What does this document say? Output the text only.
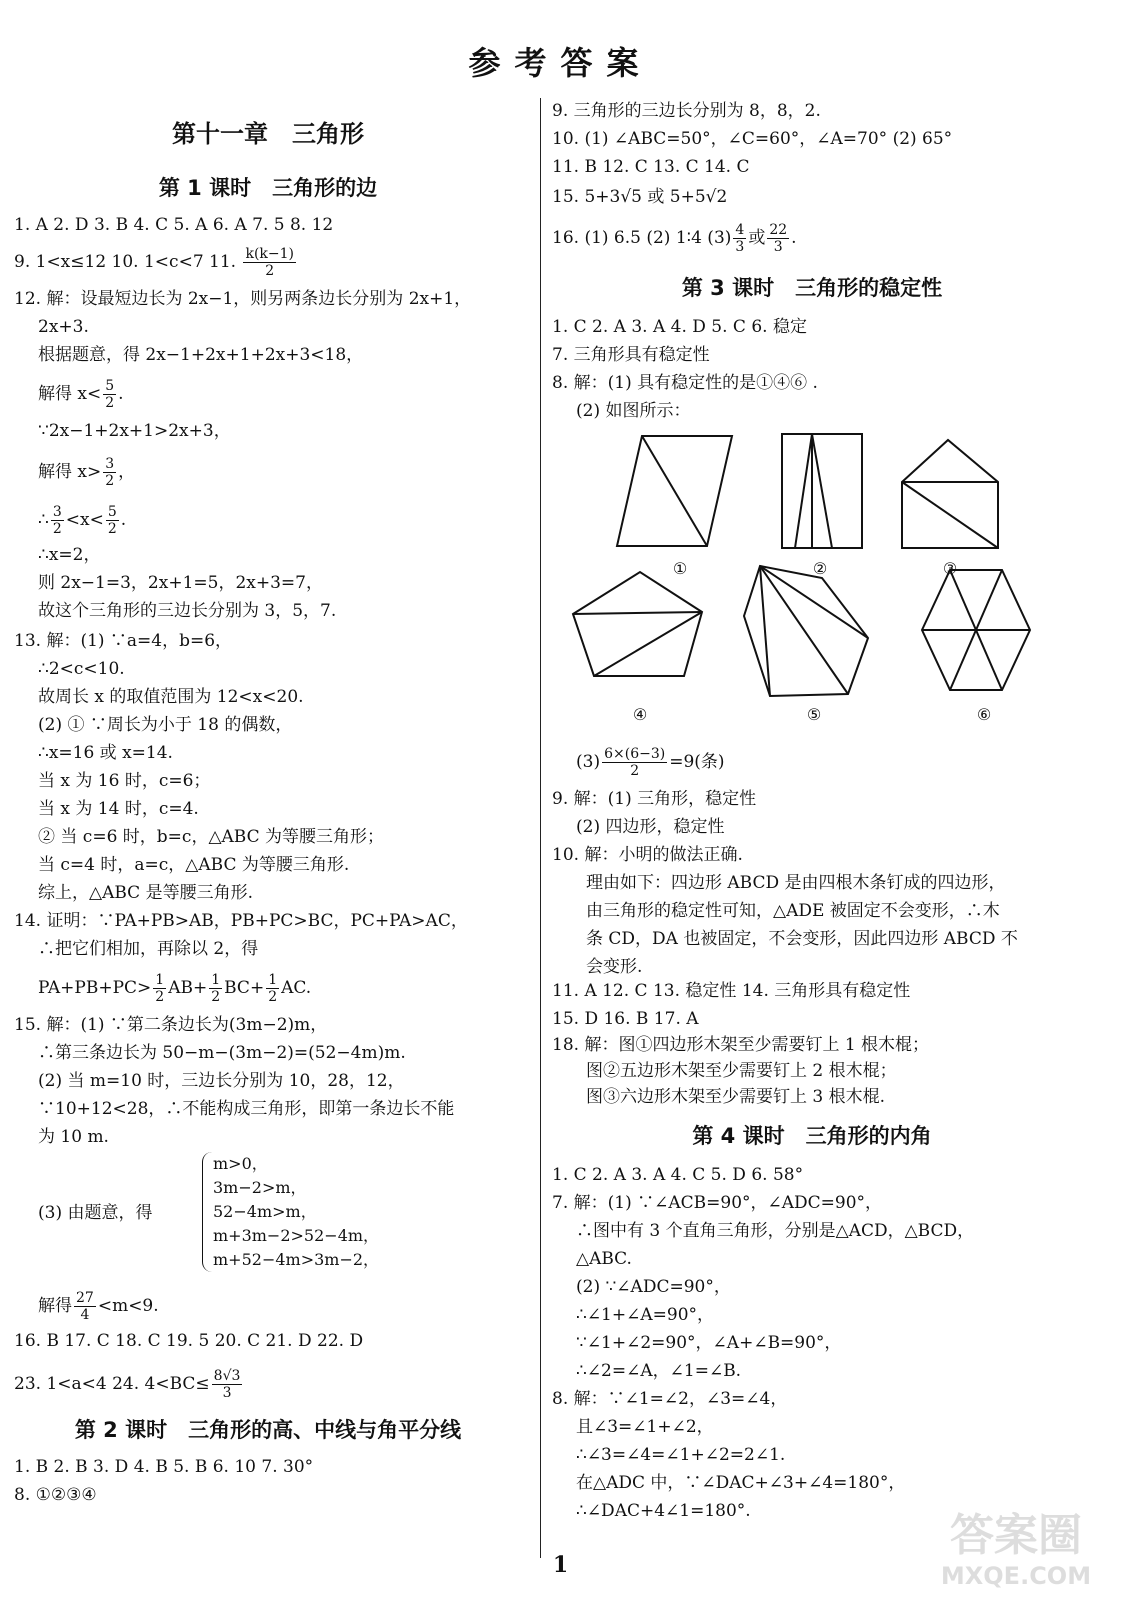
参考答案
第十一章　三角形
第 1 课时　三角形的边
1. A 2. D 3. B 4. C 5. A 6. A 7. 5 8. 12
9. 1<x≤12 10. 1<c<7 11. $\frac{k(k-1)}{2}$
12. 解：设最短边长为 2x−1，则另两条边长分别为 2x+1，
2x+3.
根据题意，得 2x−1+2x+1+2x+3<18，
解得 $x< \frac{5}{2}$ .
∵2x−1+2x+1>2x+3，
解得 $x> \frac{3}{2}$ ，
∴ $\frac{3}{2} <x< \frac{5}{2}$ .
∴x=2，
则 2x−1=3，2x+1=5，2x+3=7，
故这个三角形的三边长分别为 3，5，7.
13. 解：(1) ∵a=4，b=6，
∴2<c<10.
故周长 x 的取值范围为 12<x<20.
(2) ① ∵周长为小于 18 的偶数，
∴x=16 或 x=14.
当 x 为 16 时，c=6；
当 x 为 14 时，c=4.
② 当 c=6 时，b=c，△ABC 为等腰三角形；
当 c=4 时，a=c，△ABC 为等腰三角形.
综上，△ABC 是等腰三角形.
14. 证明：∵PA+PB>AB，PB+PC>BC，PC+PA>AC，
∴把它们相加，再除以 2，得
$PA+PB+PC> \frac{1}{2} AB+ \frac{1}{2} BC+ \frac{1}{2}$ AC.
15. 解：(1) ∵第二条边长为(3m−2)m，
∴第三条边长为 50−m−(3m−2)=(52−4m)m.
(2) 当 m=10 时，三边长分别为 10，28，12，
∵10+12<28，∴不能构成三角形，即第一条边长不能
为 10 m.
(3) 由题意，得
m>0，
3m−2>m，
52−4m>m，
m+3m−2>52−4m，
m+52−4m>3m−2，
解得 $\frac{27}{4} <m<9$.
16. B 17. C 18. C 19. 5 20. C 21. D 22. D
23. 1<a<4 24. $4<BC\le \frac{8√3}{3}$
第 2 课时　三角形的高、中线与角平分线
1. B 2. B 3. D 4. B 5. B 6. 10 7. 30°
8. ①②③④
9. 三角形的三边长分别为 8，8，2.
10. (1) ∠ABC=50°，∠C=60°，∠A=70° (2) 65°
11. B 12. C 13. C 14. C
15. 5+3√5 或 5+5√2
16. (1) 6.5 (2) 1∶4 $(3) \frac{4}{3}$ 或 $\frac{22}{3}$ .
第 3 课时　三角形的稳定性
1. C 2. A 3. A 4. D 5. C 6. 稳定
7. 三角形具有稳定性
8. 解：(1) 具有稳定性的是①④⑥ .
(2) 如图所示：
①	②	③
④	⑤	⑥
$(3) \frac{6\times(6-3)}{2} =9$(条)
9. 解：(1) 三角形，稳定性
(2) 四边形，稳定性
10. 解：小明的做法正确.
理由如下：四边形 ABCD 是由四根木条钉成的四边形，
由三角形的稳定性可知，△ADE 被固定不会变形，∴木
条 CD，DA 也被固定，不会变形，因此四边形 ABCD 不
会变形.
11. A 12. C 13. 稳定性 14. 三角形具有稳定性
15. D 16. B 17. A
18. 解：图①四边形木架至少需要钉上 1 根木棍；
图②五边形木架至少需要钉上 2 根木棍；
图③六边形木架至少需要钉上 3 根木棍.
第 4 课时　三角形的内角
1. C 2. A 3. A 4. C 5. D 6. 58°
7. 解：(1) ∵∠ACB=90°，∠ADC=90°，
∴图中有 3 个直角三角形，分别是△ACD，△BCD，
△ABC.
(2) ∵∠ADC=90°，
∴∠1+∠A=90°，
∵∠1+∠2=90°，∠A+∠B=90°，
∴∠2=∠A，∠1=∠B.
8. 解：∵∠1=∠2，∠3=∠4，
且∠3=∠1+∠2，
∴∠3=∠4=∠1+∠2=2∠1.
在△ADC 中，∵∠DAC+∠3+∠4=180°，
∴∠DAC+4∠1=180°.
1
答案圈
MXQE.COM
